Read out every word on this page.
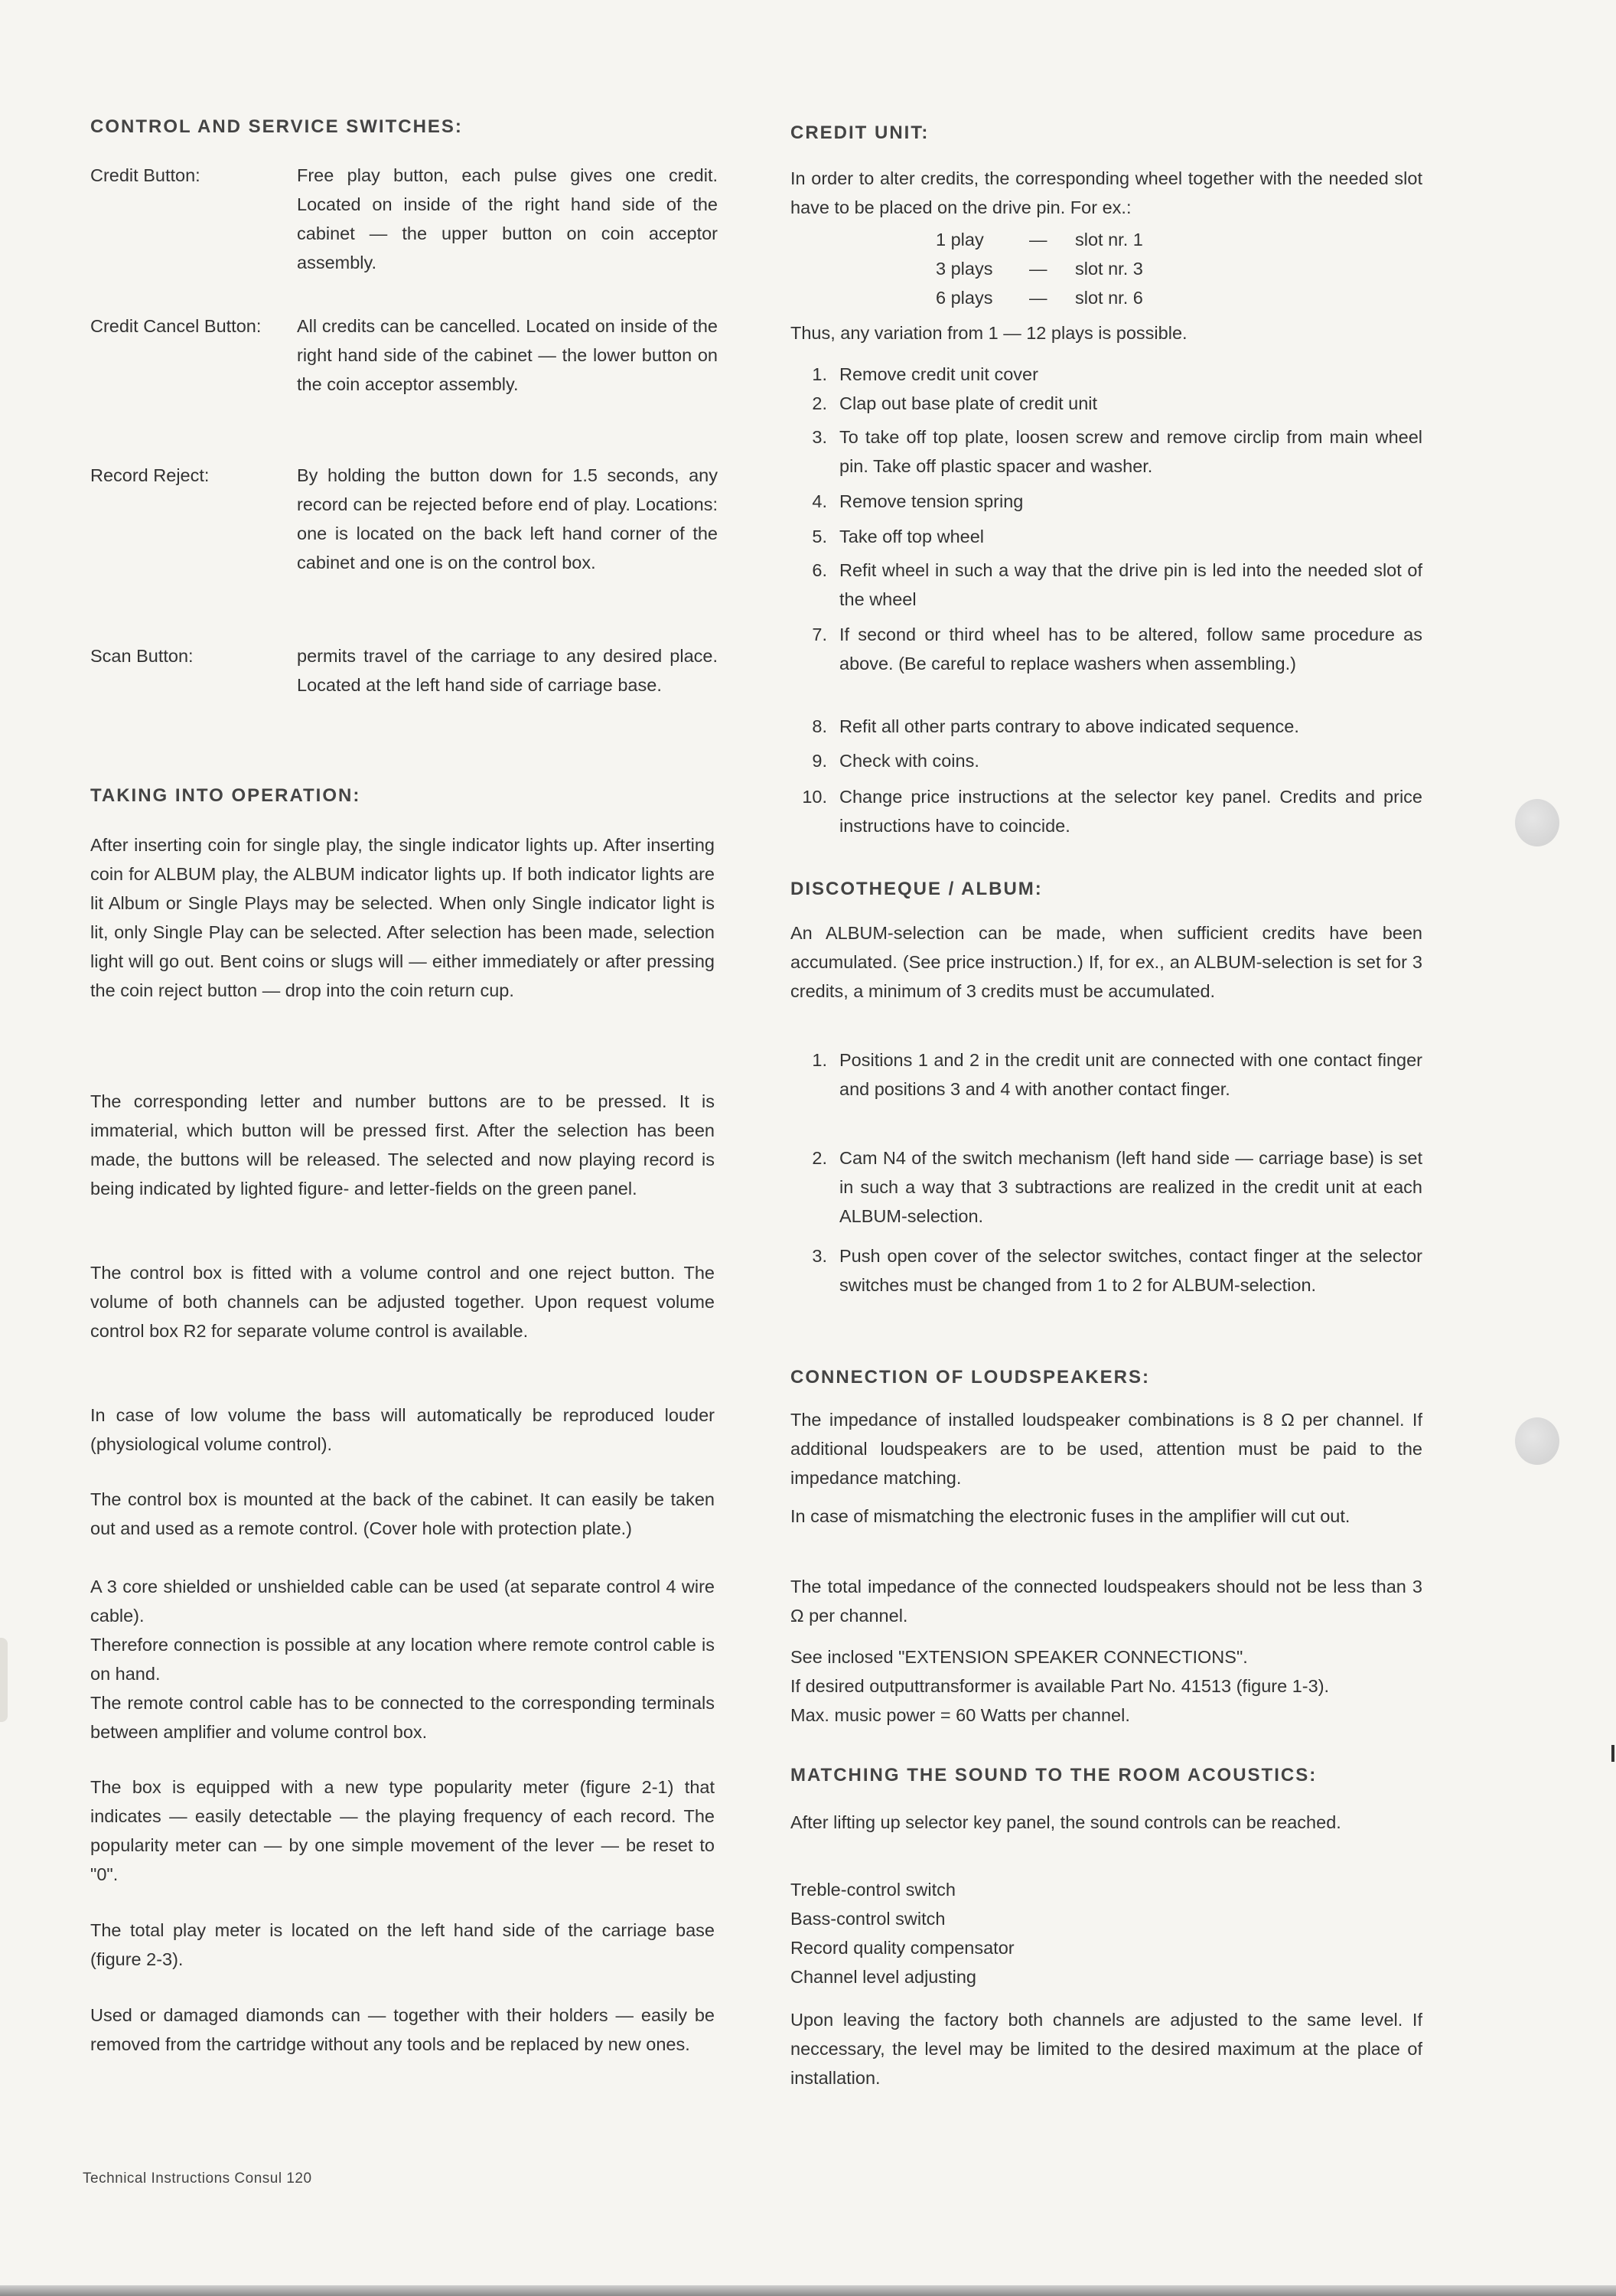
CONTROL AND SERVICE SWITCHES:
Credit Button:	Free play button, each pulse gives one credit. Located on inside of the right hand side of the cabinet — the upper button on coin acceptor assembly.

Credit Cancel Button: All credits can be cancelled. Located on inside of the right hand side of the cabinet — the lower button on the coin acceptor assembly.

Record Reject:	By holding the button down for 1.5 seconds, any record can be rejected before end of play. Locations: one is located on the back left hand corner of the cabinet and one is on the control box.

Scan Button:	permits travel of the carriage to any desired place. Located at the left hand side of carriage base.

TAKING INTO OPERATION:

After inserting coin for single play, the single indicator lights up. After inserting coin for ALBUM play, the ALBUM indicator lights up. If both indicator lights are lit Album or Single Plays may be selected. When only Single indicator light is lit, only Single Play can be selected. After selection has been made, selection light will go out. Bent coins or slugs will — either immediately or after pressing the coin reject button — drop into the coin return cup.

The corresponding letter and number buttons are to be pressed. It is immaterial, which button will be pressed first. After the selection has been made, the buttons will be released. The selected and now playing record is being indicated by lighted figure- and letter-fields on the green panel.

The control box is fitted with a volume control and one reject button. The volume of both channels can be adjusted together. Upon request volume control box R2 for separate volume control is available.

In case of low volume the bass will automatically be reproduced louder (physiological volume control).

The control box is mounted at the back of the cabinet. It can easily be taken out and used as a remote control. (Cover hole with protection plate.)

A 3 core shielded or unshielded cable can be used (at separate control 4 wire cable).

Therefore connection is possible at any location where remote control cable is on hand.

The remote control cable has to be connected to the corresponding terminals between amplifier and volume control box.

The box is equipped with a new type popularity meter (figure 2-1) that indicates — easily detectable — the playing frequency of each record. The popularity meter can — by one simple movement of the lever — be reset to "0".

The total play meter is located on the left hand side of the carriage base (figure 2-3).

Used or damaged diamonds can — together with their holders — easily be removed from the cartridge without any tools and be replaced by new ones.

CREDIT UNIT:

In order to alter credits, the corresponding wheel together with the needed slot have to be placed on the drive pin. For ex.:

1 play	— slot nr. 1
3 plays — slot nr. 3
6 plays — slot nr. 6
Thus, any variation from 1 — 12 plays is possible.
1. Remove credit unit cover

2. Clap out base plate of credit unit

3. To take off top plate, loosen screw and remove circlip from main wheel pin. Take off plastic spacer and washer.

4. Remove tension spring

5. Take off top wheel

6. Refit wheel in such a way that the drive pin is led into the needed slot of the wheel

7. If second or third wheel has to be altered, follow same procedure as above. (Be careful to replace washers when assembling.)

8. Refit all other parts contrary to above indicated sequence.

9. Check with coins.

10. Change price instructions at the selector key panel. Credits and price instructions have to coincide.

DISCOTHEQUE / ALBUM:

An ALBUM-selection can be made, when sufficient credits have been accumulated. (See price instruction.) If, for ex., an ALBUM-selection is set for 3 credits, a minimum of 3 credits must be accumulated.

1. Positions 1 and 2 in the credit unit are connected with one contact finger and positions 3 and 4 with another contact finger.

2. Cam N4 of the switch mechanism (left hand side — carriage base) is set in such a way that 3 subtractions are realized in the credit unit at each ALBUM-selection.

3. Push open cover of the selector switches, contact finger at the selector switches must be changed from 1 to 2 for ALBUM-selection.

CONNECTION OF LOUDSPEAKERS:

The impedance of installed loudspeaker combinations is 8 Ω per channel. If additional loudspeakers are to be used, attention must be paid to the impedance matching.

In case of mismatching the electronic fuses in the amplifier will cut out.

The total impedance of the connected loudspeakers should not be less than 3 Ω per channel.

See inclosed "EXTENSION SPEAKER CONNECTIONS".
If desired outputtransformer is available Part No. 41513 (figure 1-3).
Max. music power = 60 Watts per channel.
MATCHING THE SOUND TO THE ROOM ACOUSTICS:

After lifting up selector key panel, the sound controls can be reached.

Treble-control switch
Bass-control switch
Record quality compensator
Channel level adjusting

Upon leaving the factory both channels are adjusted to the same level. If neccessary, the level may be limited to the desired maximum at the place of installation.

Technical Instructions Consul 120
